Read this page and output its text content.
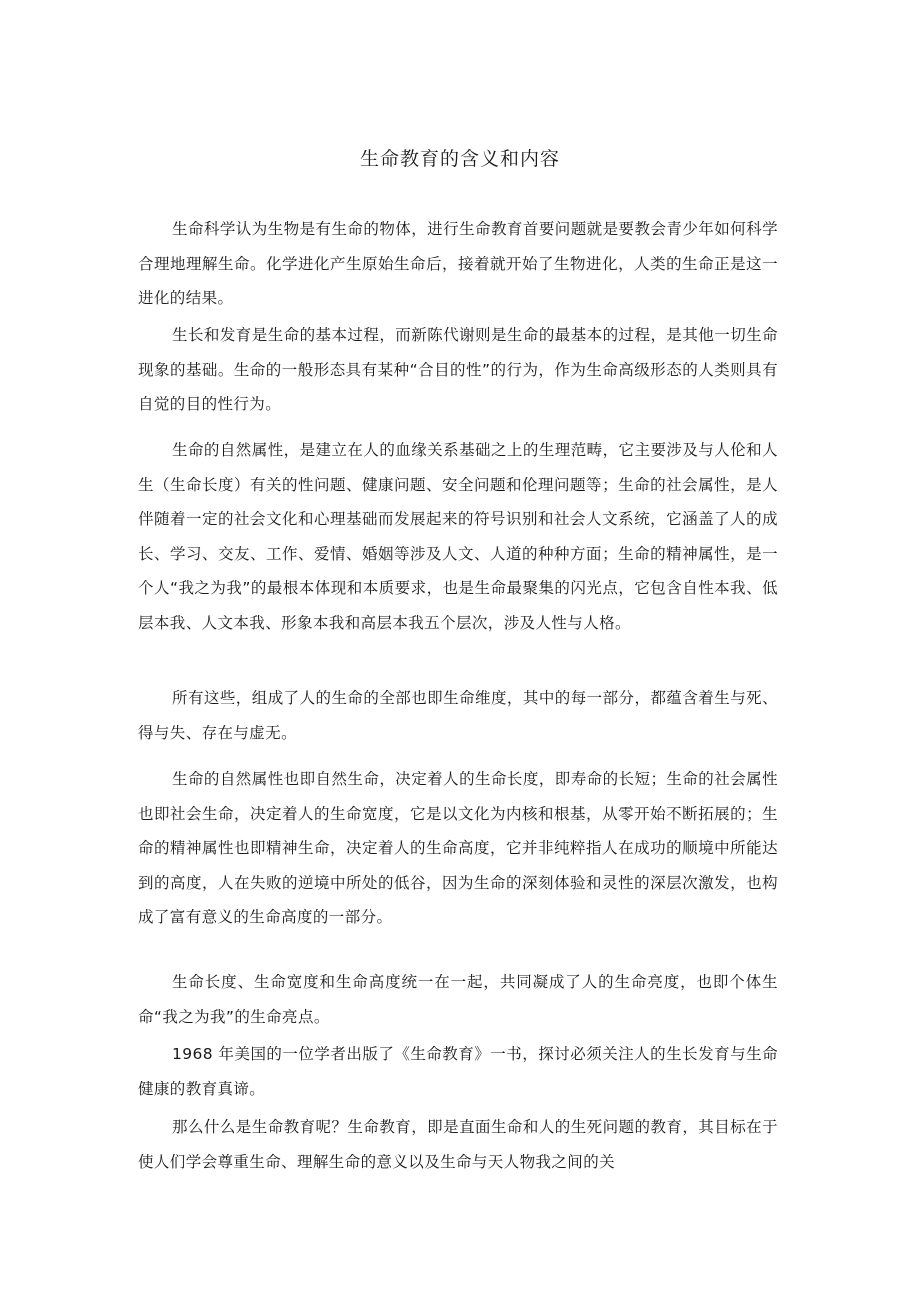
生命教育的含义和内容

生命科学认为生物是有生命的物体，进行生命教育首要问题就是要教会青少年如何科学合理地理解生命。化学进化产生原始生命后，接着就开始了生物进化，人类的生命正是这一进化的结果。

生长和发育是生命的基本过程，而新陈代谢则是生命的最基本的过程，是其他一切生命现象的基础。生命的一般形态具有某种“合目的性”的行为，作为生命高级形态的人类则具有自觉的目的性行为。

生命的自然属性，是建立在人的血缘关系基础之上的生理范畴，它主要涉及与人伦和人生（生命长度）有关的性问题、健康问题、安全问题和伦理问题等；生命的社会属性，是人伴随着一定的社会文化和心理基础而发展起来的符号识别和社会人文系统，它涵盖了人的成长、学习、交友、工作、爱情、婚姻等涉及人文、人道的种种方面；生命的精神属性，是一个人“我之为我”的最根本体现和本质要求，也是生命最聚集的闪光点，它包含自性本我、低层本我、人文本我、形象本我和高层本我五个层次，涉及人性与人格。

所有这些，组成了人的生命的全部也即生命维度，其中的每一部分，都蕴含着生与死、得与失、存在与虚无。

生命的自然属性也即自然生命，决定着人的生命长度，即寿命的长短；生命的社会属性也即社会生命，决定着人的生命宽度，它是以文化为内核和根基，从零开始不断拓展的；生命的精神属性也即精神生命，决定着人的生命高度，它并非纯粹指人在成功的顺境中所能达到的高度，人在失败的逆境中所处的低谷，因为生命的深刻体验和灵性的深层次激发，也构成了富有意义的生命高度的一部分。

生命长度、生命宽度和生命高度统一在一起，共同凝成了人的生命亮度，也即个体生命“我之为我”的生命亮点。

1968 年美国的一位学者出版了《生命教育》一书，探讨必须关注人的生长发育与生命健康的教育真谛。

那么什么是生命教育呢？生命教育，即是直面生命和人的生死问题的教育，其目标在于使人们学会尊重生命、理解生命的意义以及生命与天人物我之间的关
